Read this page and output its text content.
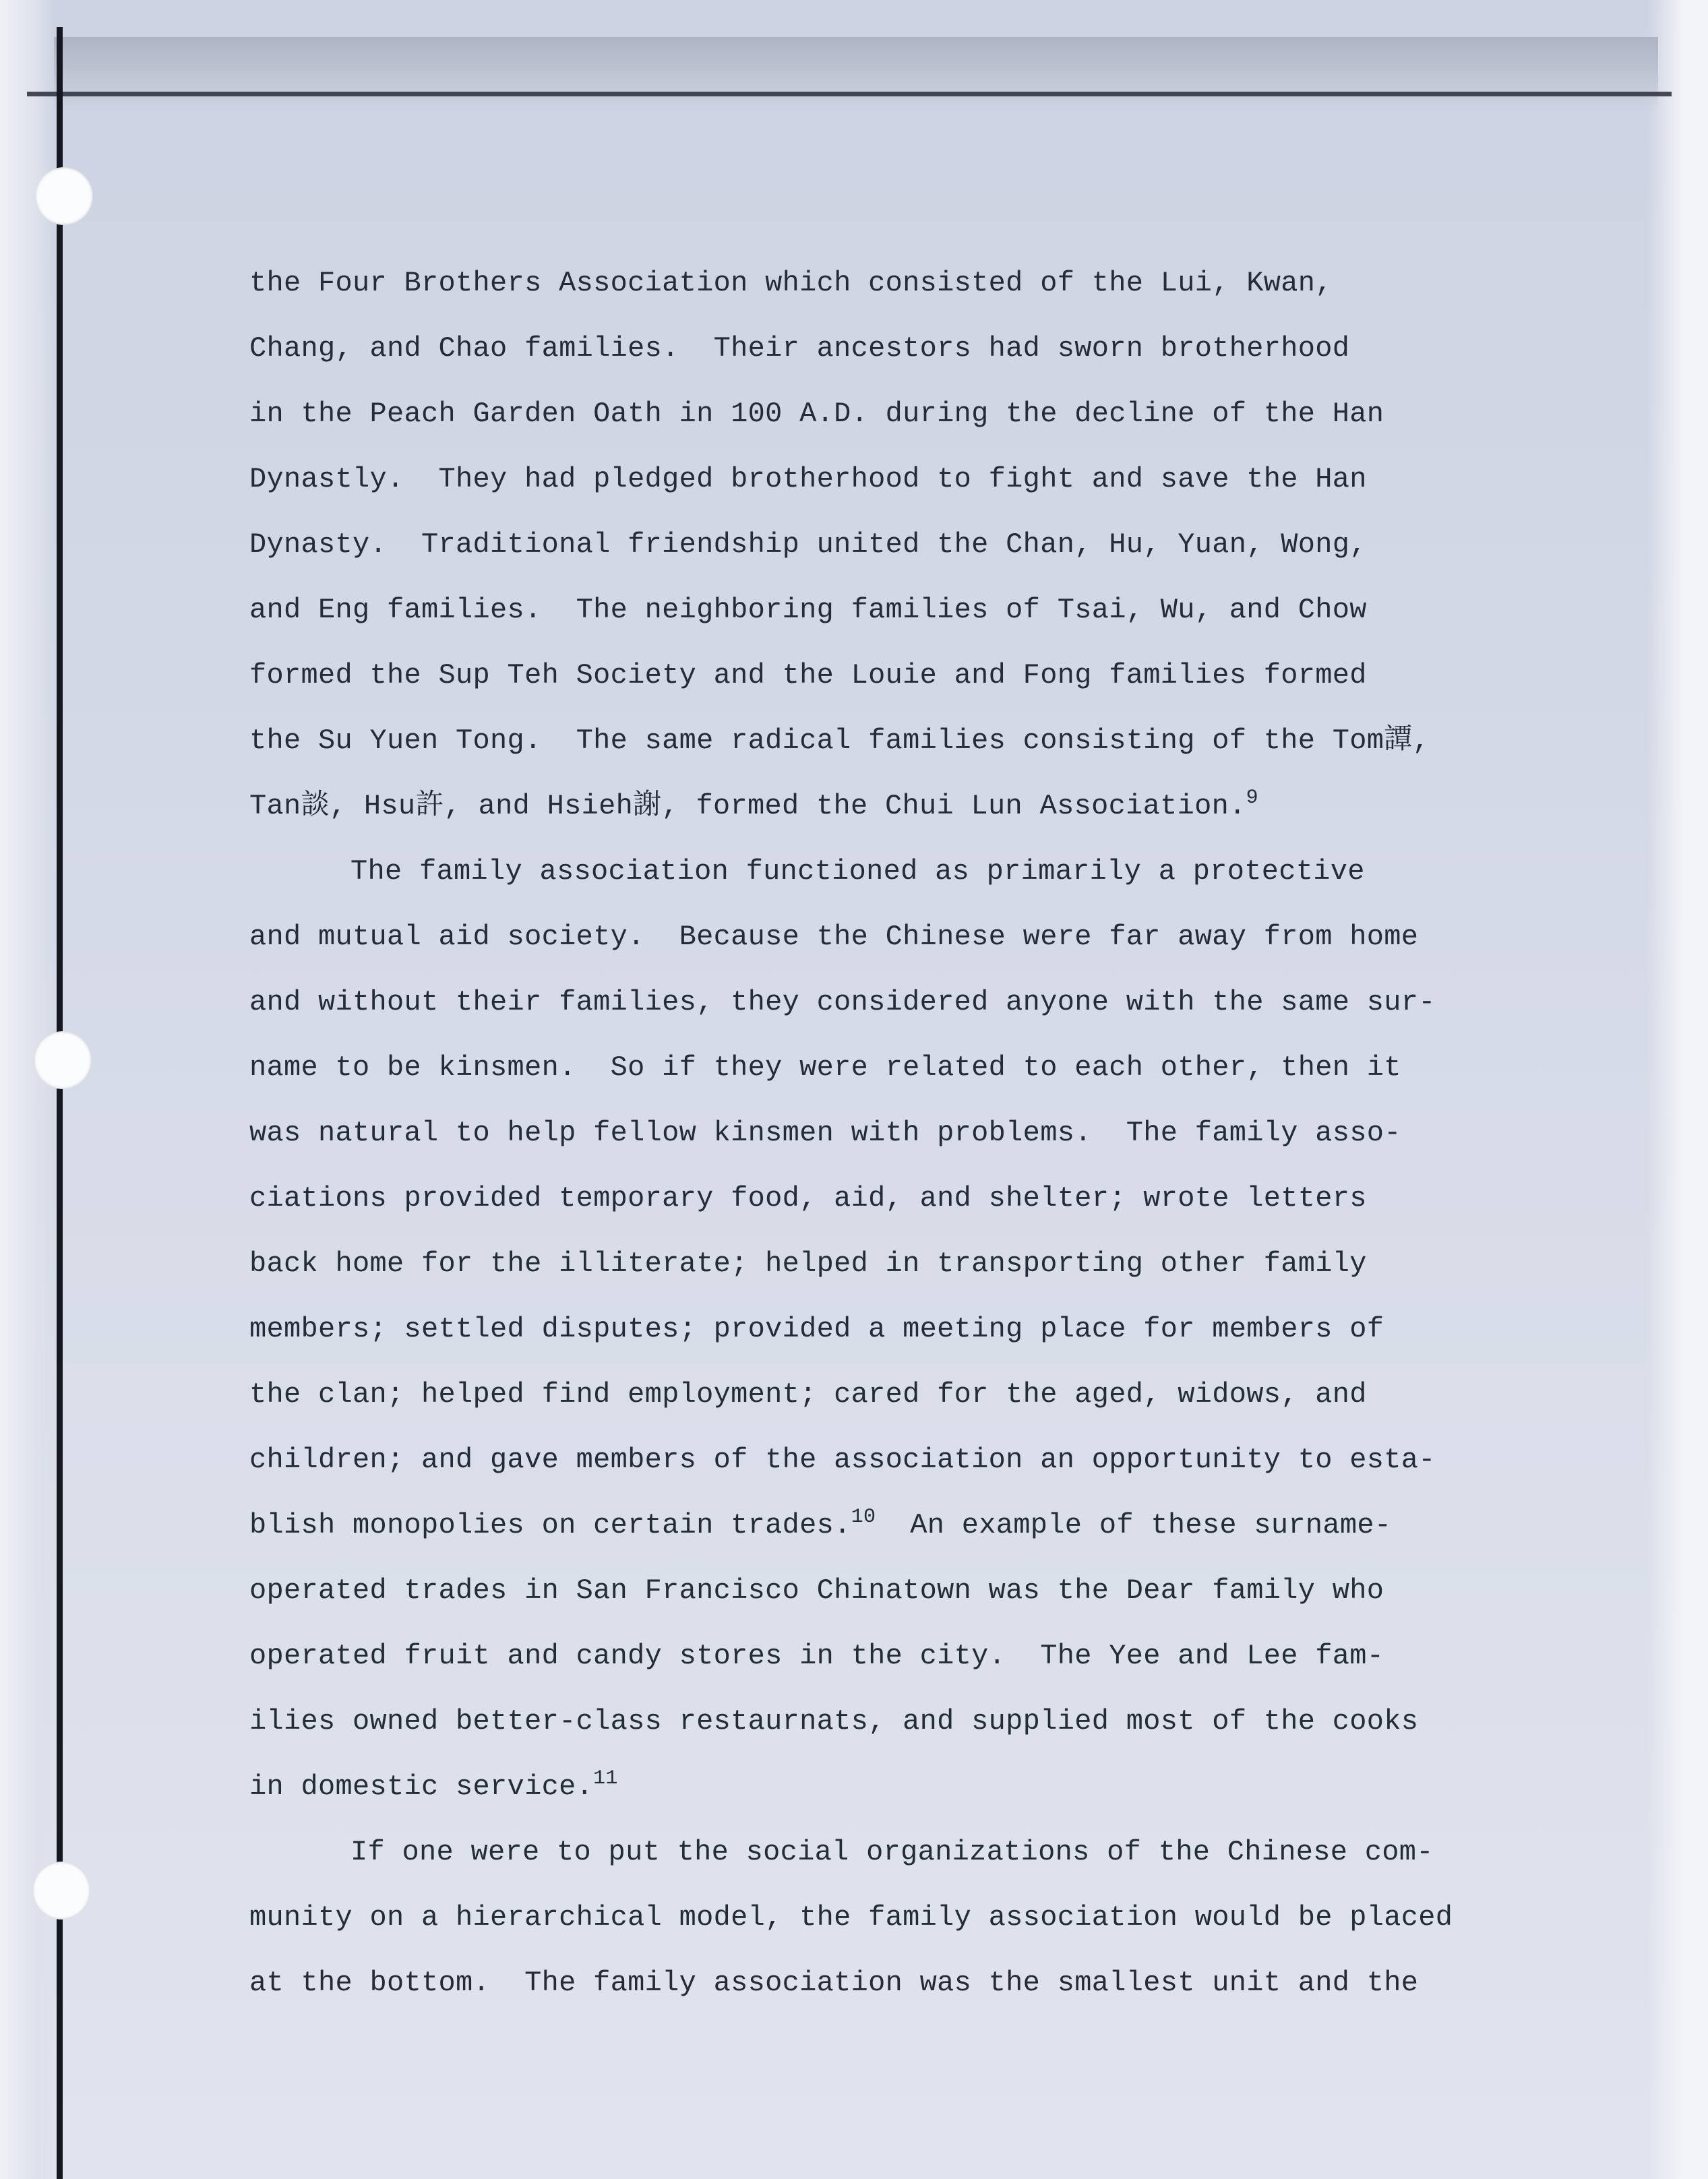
the Four Brothers Association which consisted of the Lui, Kwan,
Chang, and Chao families.  Their ancestors had sworn brotherhood
in the Peach Garden Oath in 100 A.D. during the decline of the Han
Dynastly.  They had pledged brotherhood to fight and save the Han
Dynasty.  Traditional friendship united the Chan, Hu, Yuan, Wong,
and Eng families.  The neighboring families of Tsai, Wu, and Chow
formed the Sup Teh Society and the Louie and Fong families formed
the Su Yuen Tong.  The same radical families consisting of the Tom譚,
Tan談, Hsu許, and Hsieh謝, formed the Chui Lun Association.$^9$
The family association functioned as primarily a protective
and mutual aid society.  Because the Chinese were far away from home
and without their families, they considered anyone with the same sur-
name to be kinsmen.  So if they were related to each other, then it
was natural to help fellow kinsmen with problems.  The family asso-
ciations provided temporary food, aid, and shelter; wrote letters
back home for the illiterate; helped in transporting other family
members; settled disputes; provided a meeting place for members of
the clan; helped find employment; cared for the aged, widows, and
children; and gave members of the association an opportunity to esta-
blish monopolies on certain trades.$^{10}$  An example of these surname-
operated trades in San Francisco Chinatown was the Dear family who
operated fruit and candy stores in the city.  The Yee and Lee fam-
ilies owned better-class restaurnats, and supplied most of the cooks
in domestic service.$^{11}$
If one were to put the social organizations of the Chinese com-
munity on a hierarchical model, the family association would be placed
at the bottom.  The family association was the smallest unit and the
